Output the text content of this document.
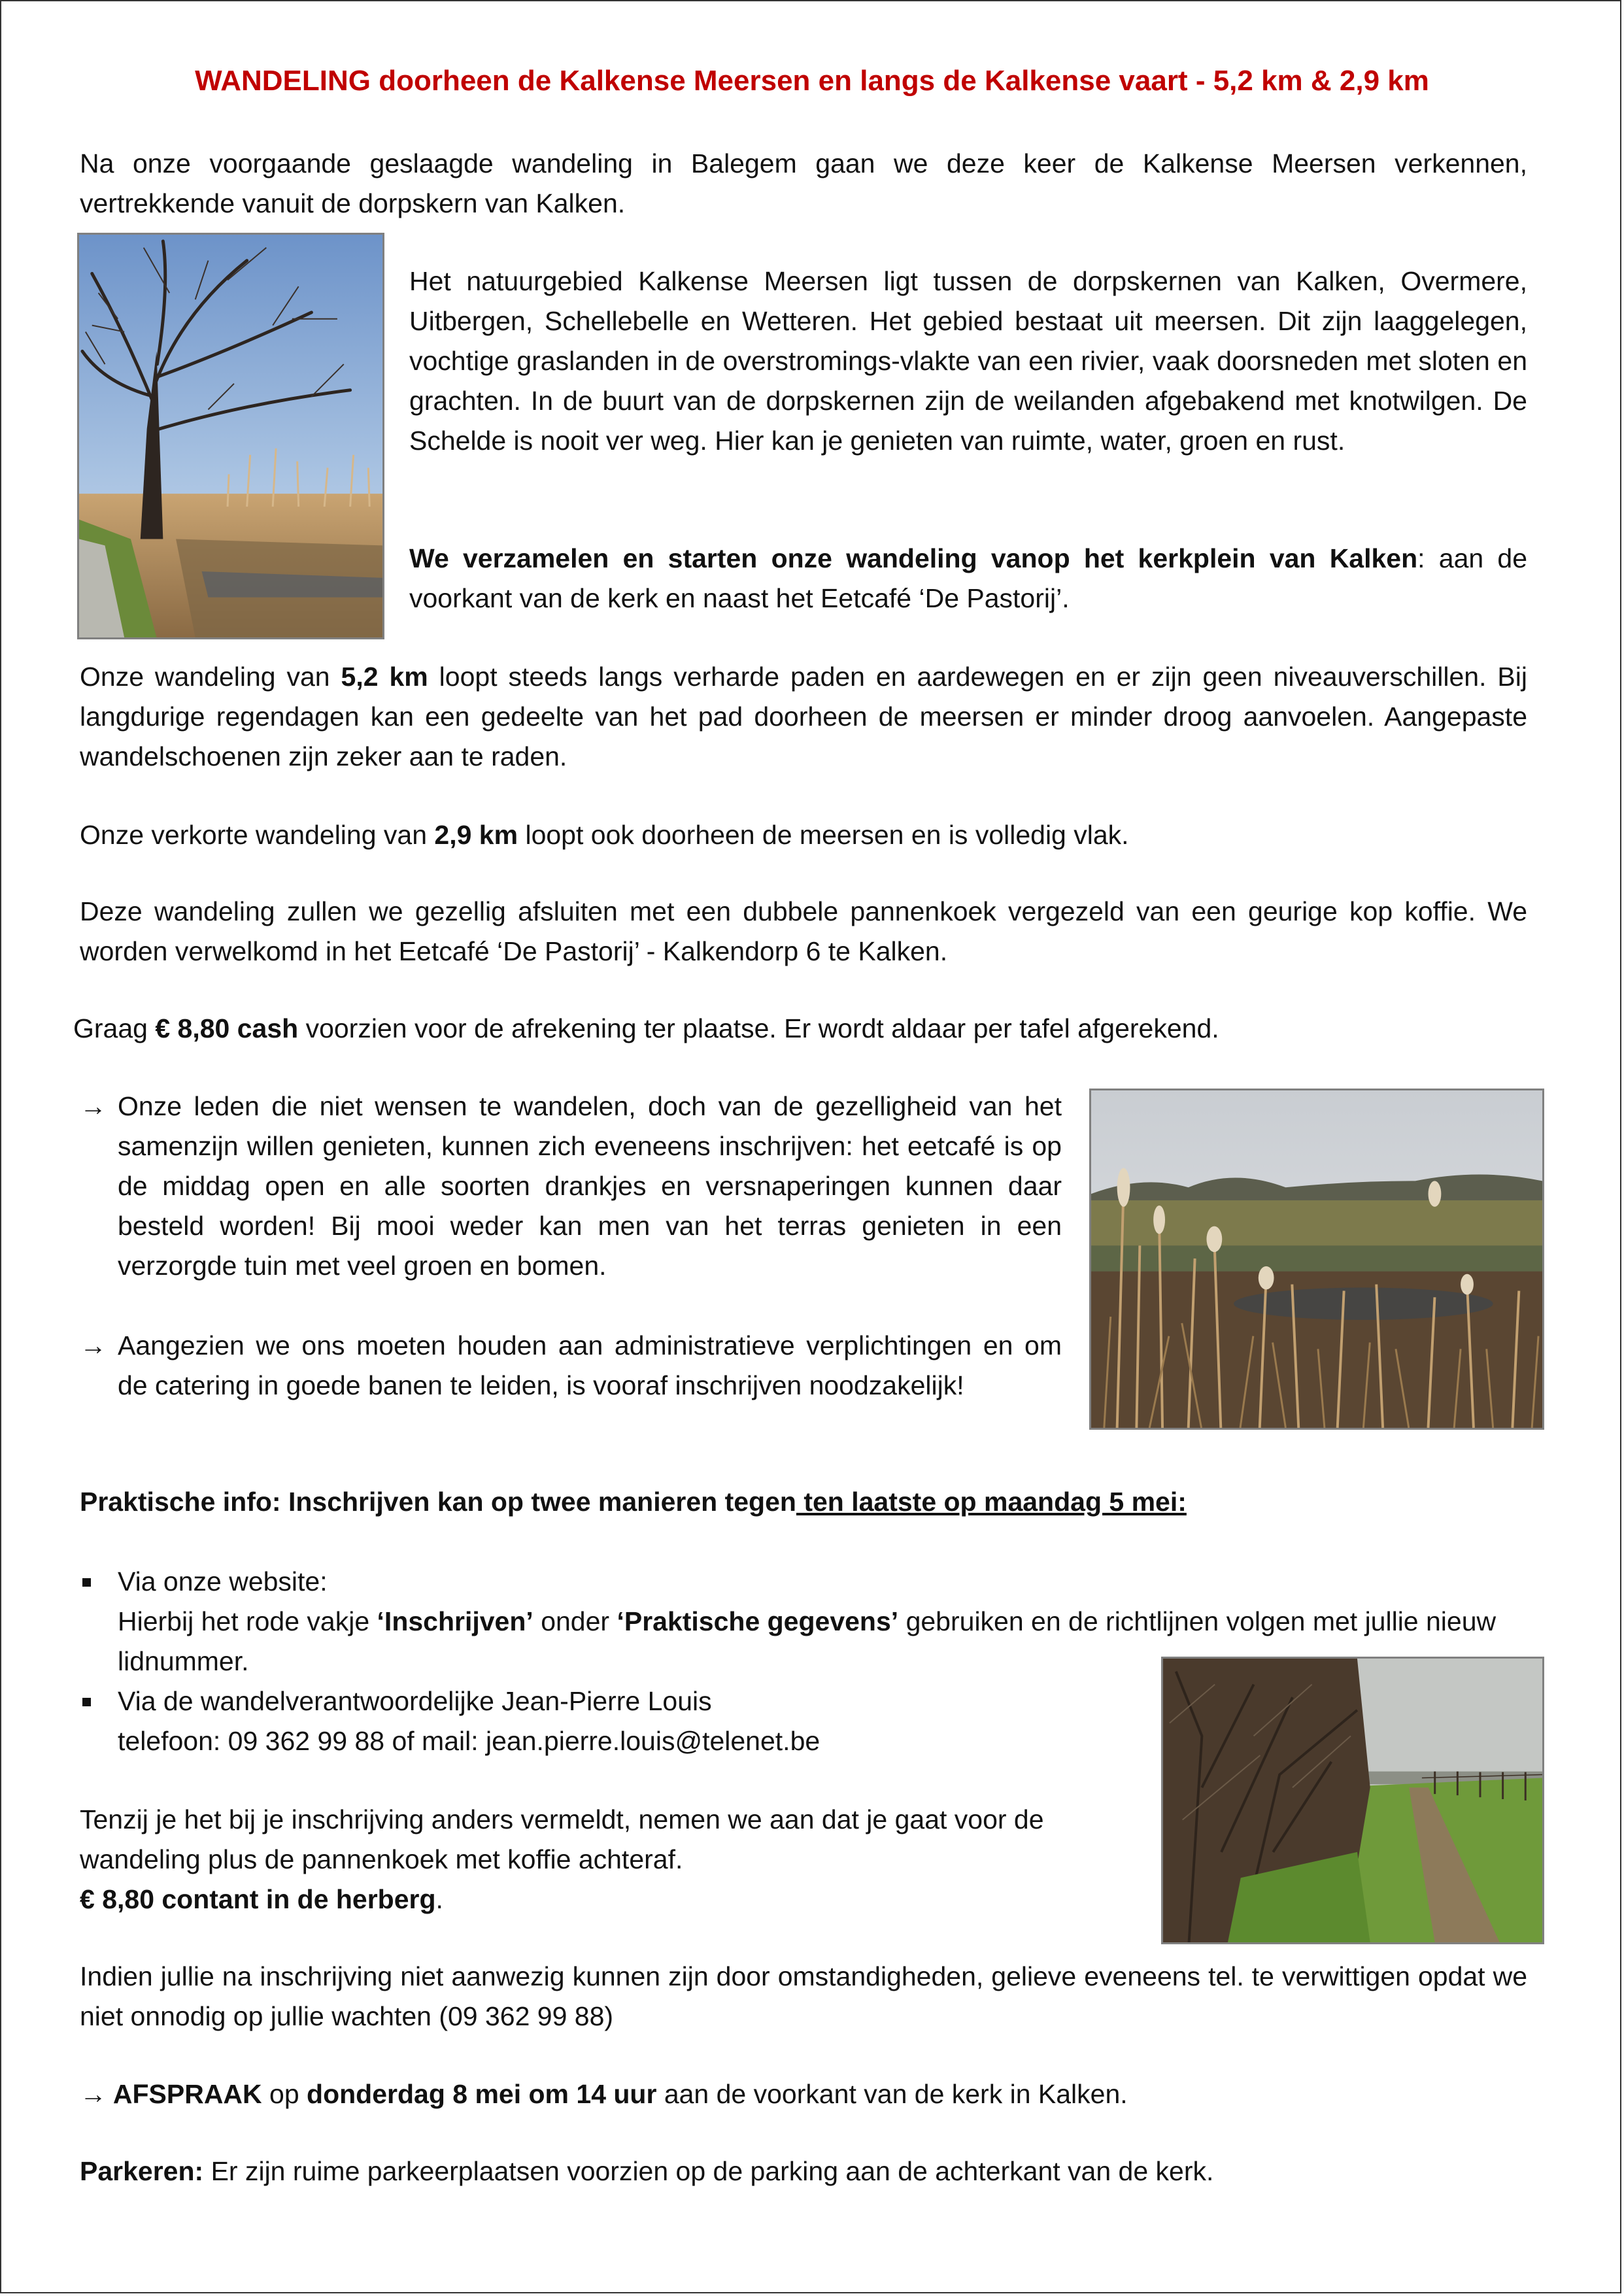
WANDELING doorheen de Kalkense Meersen en langs de Kalkense vaart - 5,2 km & 2,9 km

Na onze voorgaande geslaagde wandeling in Balegem gaan we deze keer de Kalkense Meersen verkennen, vertrekkende vanuit de dorpskern van Kalken.

Het natuurgebied Kalkense Meersen ligt tussen de dorpskernen van Kalken, Overmere, Uitbergen, Schellebelle en Wetteren. Het gebied bestaat uit meersen. Dit zijn laaggelegen, vochtige graslanden in de overstromings-vlakte van een rivier, vaak doorsneden met sloten en grachten. In de buurt van de dorpskernen zijn de weilanden afgebakend met knotwilgen. De Schelde is nooit ver weg. Hier kan je genieten van ruimte, water, groen en rust.

We verzamelen en starten onze wandeling vanop het kerkplein van Kalken: aan de voorkant van de kerk en naast het Eetcafé ‘De Pastorij’.

Onze wandeling van 5,2 km loopt steeds langs verharde paden en aardewegen en er zijn geen niveauverschillen. Bij langdurige regendagen kan een gedeelte van het pad doorheen de meersen er minder droog aanvoelen. Aangepaste wandelschoenen zijn zeker aan te raden.

Onze verkorte wandeling van 2,9 km loopt ook doorheen de meersen en is volledig vlak.

Deze wandeling zullen we gezellig afsluiten met een dubbele pannenkoek vergezeld van een geurige kop koffie. We worden verwelkomd in het Eetcafé ‘De Pastorij’ - Kalkendorp 6 te Kalken.

Graag € 8,80 cash voorzien voor de afrekening ter plaatse. Er wordt aldaar per tafel afgerekend.

→ Onze leden die niet wensen te wandelen, doch van de gezelligheid van het samenzijn willen genieten, kunnen zich eveneens inschrijven: het eetcafé is op de middag open en alle soorten drankjes en versnaperingen kunnen daar besteld worden! Bij mooi weder kan men van het terras genieten in een verzorgde tuin met veel groen en bomen.
→ Aangezien we ons moeten houden aan administratieve verplichtingen en om de catering in goede banen te leiden, is vooraf inschrijven noodzakelijk!

Praktische info: Inschrijven kan op twee manieren tegen ten laatste op maandag 5 mei:

Via onze website:
Hierbij het rode vakje ‘Inschrijven’ onder ‘Praktische gegevens’ gebruiken en de richtlijnen volgen met jullie nieuw lidnummer.
Via de wandelverantwoordelijke Jean-Pierre Louis
telefoon: 09 362 99 88 of mail: jean.pierre.louis@telenet.be

Tenzij je het bij je inschrijving anders vermeldt, nemen we aan dat je gaat voor de wandeling plus de pannenkoek met koffie achteraf.

€ 8,80 contant in de herberg.

Indien jullie na inschrijving niet aanwezig kunnen zijn door omstandigheden, gelieve eveneens tel. te verwittigen opdat we niet onnodig op jullie wachten (09 362 99 88)

→ AFSPRAAK op donderdag 8 mei om 14 uur aan de voorkant van de kerk in Kalken.

Parkeren: Er zijn ruime parkeerplaatsen voorzien op de parking aan de achterkant van de kerk.
